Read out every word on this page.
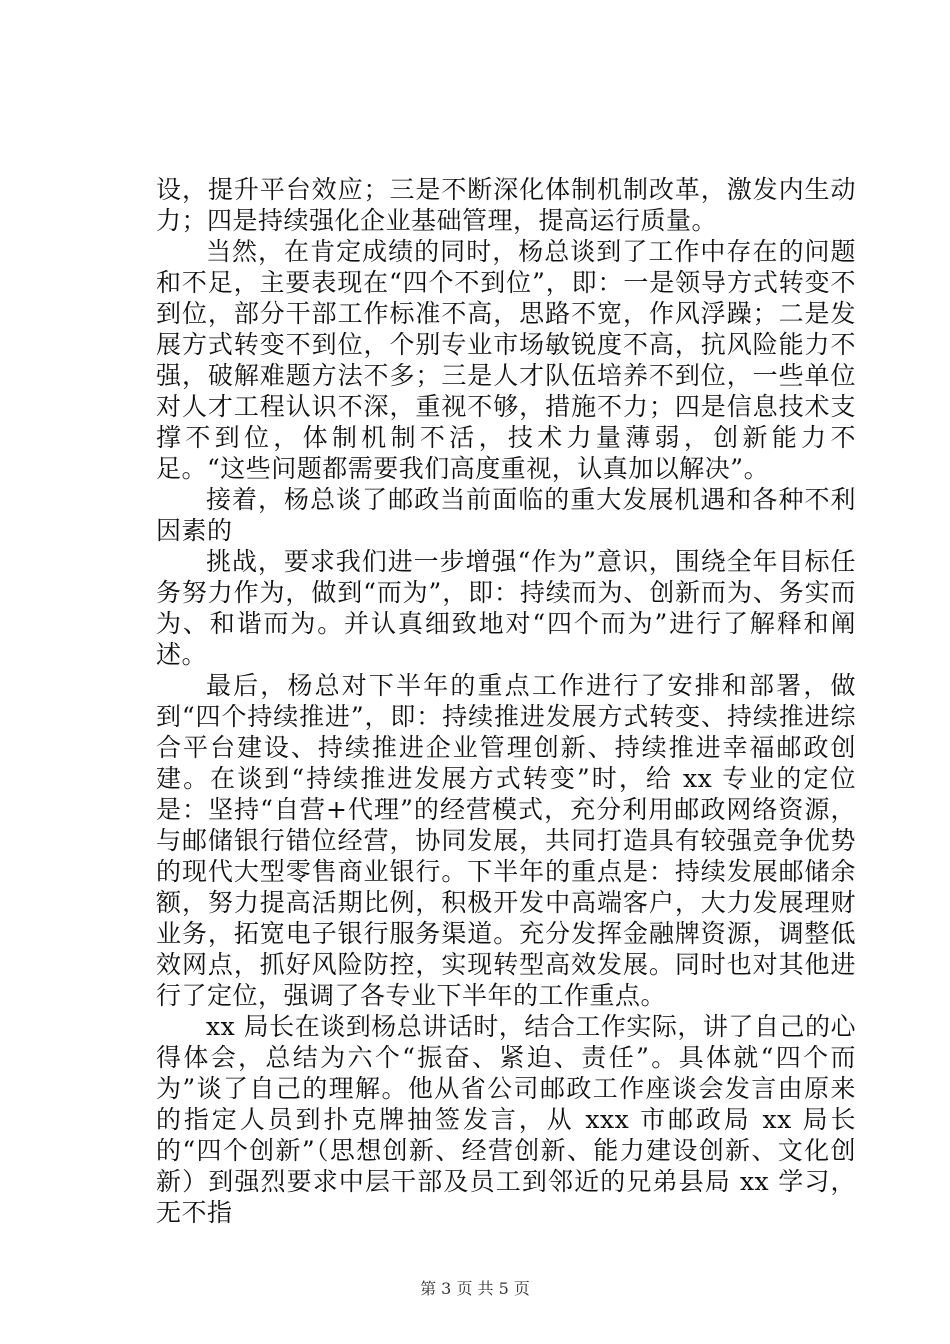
设，提升平台效应；三是不断深化体制机制改革，激发内生动力；四是持续强化企业基础管理，提高运行质量。

当然，在肯定成绩的同时，杨总谈到了工作中存在的问题和不足，主要表现在“四个不到位”，即：一是领导方式转变不到位，部分干部工作标准不高，思路不宽，作风浮躁；二是发展方式转变不到位，个别专业市场敏锐度不高，抗风险能力不强，破解难题方法不多；三是人才队伍培养不到位，一些单位对人才工程认识不深，重视不够，措施不力；四是信息技术支撑不到位，体制机制不活，技术力量薄弱，创新能力不足。“这些问题都需要我们高度重视，认真加以解决”。

接着，杨总谈了邮政当前面临的重大发展机遇和各种不利因素的

挑战，要求我们进一步增强“作为”意识，围绕全年目标任务努力作为，做到“而为”，即：持续而为、创新而为、务实而为、和谐而为。并认真细致地对“四个而为”进行了解释和阐述。

最后，杨总对下半年的重点工作进行了安排和部署，做到“四个持续推进”，即：持续推进发展方式转变、持续推进综合平台建设、持续推进企业管理创新、持续推进幸福邮政创建。在谈到“持续推进发展方式转变”时，给 xx 专业的定位是：坚持“自营+代理”的经营模式，充分利用邮政网络资源，与邮储银行错位经营，协同发展，共同打造具有较强竞争优势的现代大型零售商业银行。下半年的重点是：持续发展邮储余额，努力提高活期比例，积极开发中高端客户，大力发展理财业务，拓宽电子银行服务渠道。充分发挥金融牌资源，调整低效网点，抓好风险防控，实现转型高效发展。同时也对其他进行了定位，强调了各专业下半年的工作重点。

xx 局长在谈到杨总讲话时，结合工作实际，讲了自己的心得体会，总结为六个“振奋、紧迫、责任”。具体就“四个而为”谈了自己的理解。他从省公司邮政工作座谈会发言由原来的指定人员到扑克牌抽签发言，从 xxx 市邮政局 xx 局长的“四个创新”（思想创新、经营创新、能力建设创新、文化创新）到强烈要求中层干部及员工到邻近的兄弟县局 xx 学习，无不指

第 3 页 共 5 页
